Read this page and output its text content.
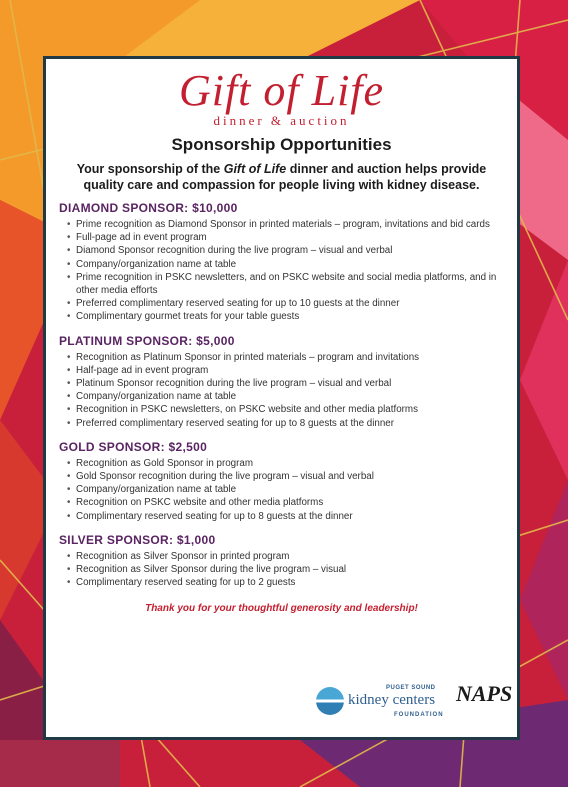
Gift of Life
dinner & auction
Sponsorship Opportunities
Your sponsorship of the Gift of Life dinner and auction helps provide quality care and compassion for people living with kidney disease.
DIAMOND SPONSOR: $10,000
• Prime recognition as Diamond Sponsor in printed materials – program, invitations and bid cards
• Full-page ad in event program
• Diamond Sponsor recognition during the live program – visual and verbal
• Company/organization name at table
• Prime recognition in PSKC newsletters, and on PSKC website and social media platforms, and in other media efforts
• Preferred complimentary reserved seating for up to 10 guests at the dinner
• Complimentary gourmet treats for your table guests
PLATINUM SPONSOR: $5,000
• Recognition as Platinum Sponsor in printed materials – program and invitations
• Half-page ad in event program
• Platinum Sponsor recognition during the live program – visual and verbal
• Company/organization name at table
• Recognition in PSKC newsletters, on PSKC website and other media platforms
• Preferred complimentary reserved seating for up to 8 guests at the dinner
GOLD SPONSOR: $2,500
• Recognition as Gold Sponsor in program
• Gold Sponsor recognition during the live program – visual and verbal
• Company/organization name at table
• Recognition on PSKC website and other media platforms
• Complimentary reserved seating for up to 8 guests at the dinner
SILVER SPONSOR: $1,000
• Recognition as Silver Sponsor in printed program
• Recognition as Silver Sponsor during the live program – visual
• Complimentary reserved seating for up to 2 guests
Thank you for your thoughtful generosity and leadership!
PUGET SOUND
kidney centers
FOUNDATION
NAPS
